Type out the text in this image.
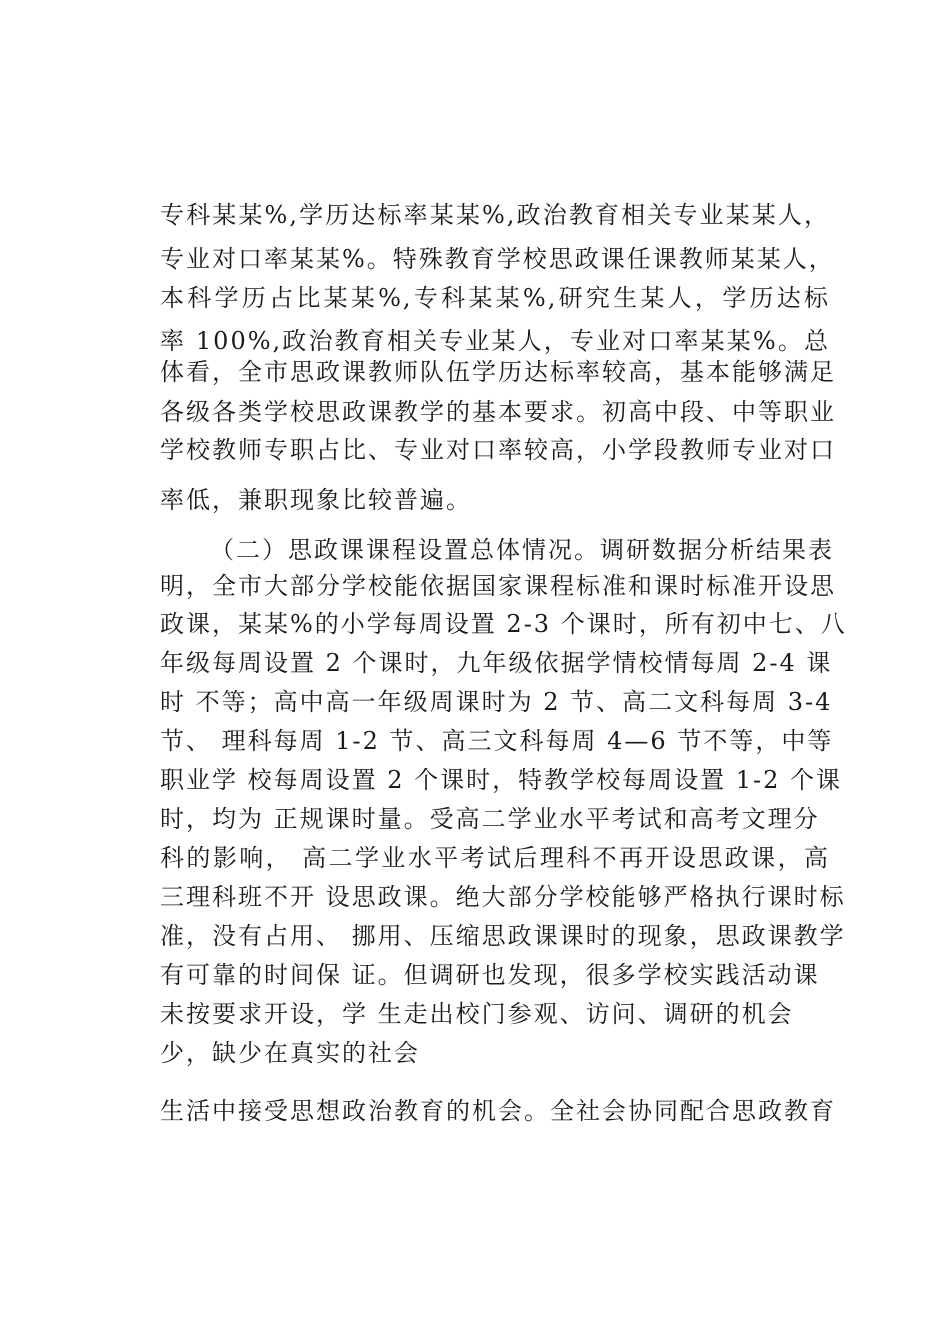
专科某某%,学历达标率某某%,政治教育相关专业某某人，
专业对口率某某%。特殊教育学校思政课任课教师某某人，
本科学历占比某某%,专科某某%,研究生某人，学历达标
率 100%,政治教育相关专业某人，专业对口率某某%。总
体看，全市思政课教师队伍学历达标率较高，基本能够满足
各级各类学校思政课教学的基本要求。初高中段、中等职业
学校教师专职占比、专业对口率较高，小学段教师专业对口
率低，兼职现象比较普遍。
（二）思政课课程设置总体情况。调研数据分析结果表
明，全市大部分学校能依据国家课程标准和课时标准开设思
政课，某某%的小学每周设置 2-3 个课时，所有初中七、八
年级每周设置 2 个课时，九年级依据学情校情每周 2-4 课
时 不等；高中高一年级周课时为 2 节、高二文科每周 3-4
节、 理科每周 1-2 节、高三文科每周 4—6 节不等，中等
职业学 校每周设置 2 个课时，特教学校每周设置 1-2 个课
时，均为 正规课时量。受高二学业水平考试和高考文理分
科的影响， 高二学业水平考试后理科不再开设思政课，高
三理科班不开 设思政课。绝大部分学校能够严格执行课时标
准，没有占用、 挪用、压缩思政课课时的现象，思政课教学
有可靠的时间保 证。但调研也发现，很多学校实践活动课
未按要求开设，学 生走出校门参观、访问、调研的机会
少，缺少在真实的社会
生活中接受思想政治教育的机会。全社会协同配合思政教育
